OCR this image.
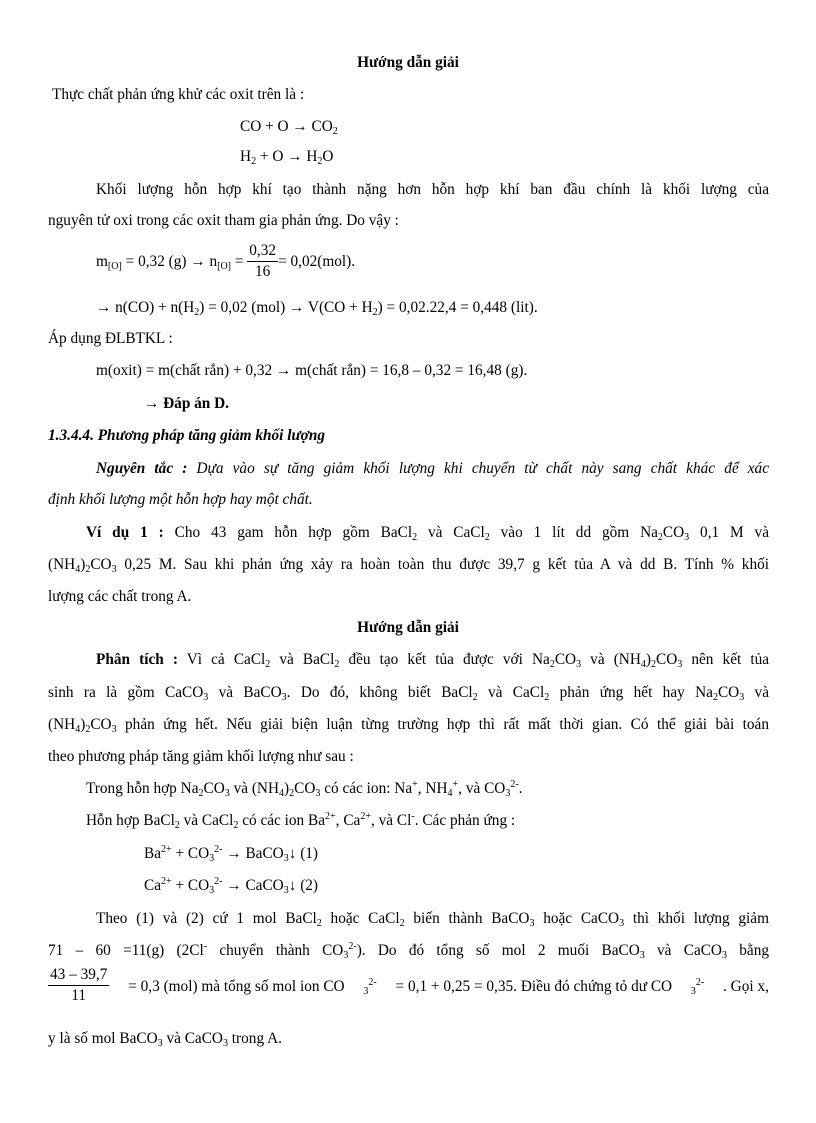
Hướng dẫn giải
Thực chất phản ứng khử các oxit trên là :
CO + $O \to CO_2$
$H_2 + O \to H_2O$
Khối lượng hỗn hợp khí tạo thành nặng hơn hỗn hợp khí ban đầu chính là khối lượng của
nguyên tử oxi trong các oxit tham gia phản ứng. Do vậy :
$m_{[O]} = 0,32$ $(g) \to n_{[O]} = \frac{0,32}{16} = 0,02(mol)$.
→ $n(CO) + n(H_2) = 0,02$ $(mol) \to V(CO + H_2) = 0,02.22,4 = 0,448$ (lit).
Áp dụng ĐLBTKL :
m(oxit) = m(chất rắn) + 0,32 → m(chất rắn) = 16,8 – 0,32 = 16,48 (g).
→ Đáp án D.
1.3.4.4. Phương pháp tăng giảm khối lượng
Nguyên tắc : Dựa vào sự tăng giảm khối lượng khi chuyển từ chất này sang chất khác để xác
định khối lượng một hỗn hợp hay một chất.
Ví dụ 1 : Cho 43 gam hỗn hợp gồm BaCl$_2$ và CaCl$_2$ vào 1 lít dd gồm $Na_2CO_3$ 0,1 M và
$(NH_4)_2CO_3$ 0,25 M. Sau khi phản ứng xảy ra hoàn toàn thu được 39,7 g kết tủa A và dd B. Tính % khối
lượng các chất trong A.
Hướng dẫn giải
Phân tích : Vì cả CaCl$_2$ và BaCl$_2$ đều tạo kết tủa được với $Na_2CO_3$ và $(NH_4)_2CO_3$ nên kết tủa
sinh ra là gồm CaCO$_3$ và BaCO$_3$. Do đó, không biết BaCl$_2$ và CaCl$_2$ phản ứng hết hay $Na_2CO_3$ và
$(NH_4)_2CO_3$ phản ứng hết. Nếu giải biện luận từng trường hợp thì rất mất thời gian. Có thể giải bài toán
theo phương pháp tăng giảm khối lượng như sau :
Trong hỗn hợp $Na_2CO_3$ và $(NH_4)_2CO_3$ có các ion: Na+, $NH_4^+$, và $CO_3^{2-}$.
Hỗn hợp BaCl$_2$ và CaCl$_2$ có các ion $Ba^{2+}$, $Ca^{2+}$, và Cl-. Các phản ứng :
$Ba^{2+} + CO_3^{2-}$ → BaCO$_3$↓ (1)
$Ca^{2+} + CO_3^{2-}$ → CaCO$_3$↓ (2)
Theo (1) và (2) cứ 1 mol BaCl$_2$ hoặc CaCl$_2$ biến thành BaCO$_3$ hoặc CaCO$_3$ thì khối lượng giảm
71 – 60 =11(g) (2Cl- chuyển thành $CO_3^{2-}$). Do đó tổng số mol 2 muối BaCO$_3$ và CaCO$_3$ bằng
$\frac{43 - 39,7}{11} = 0,3$ (mol) mà tổng số mol ion CO $_3^{2-}$ = 0,1 + 0,25 = 0,35. Điều đó chứng tỏ dư CO $_3^{2-}$ . Gọi x,
y là số mol BaCO$_3$ và CaCO$_3$ trong A.
